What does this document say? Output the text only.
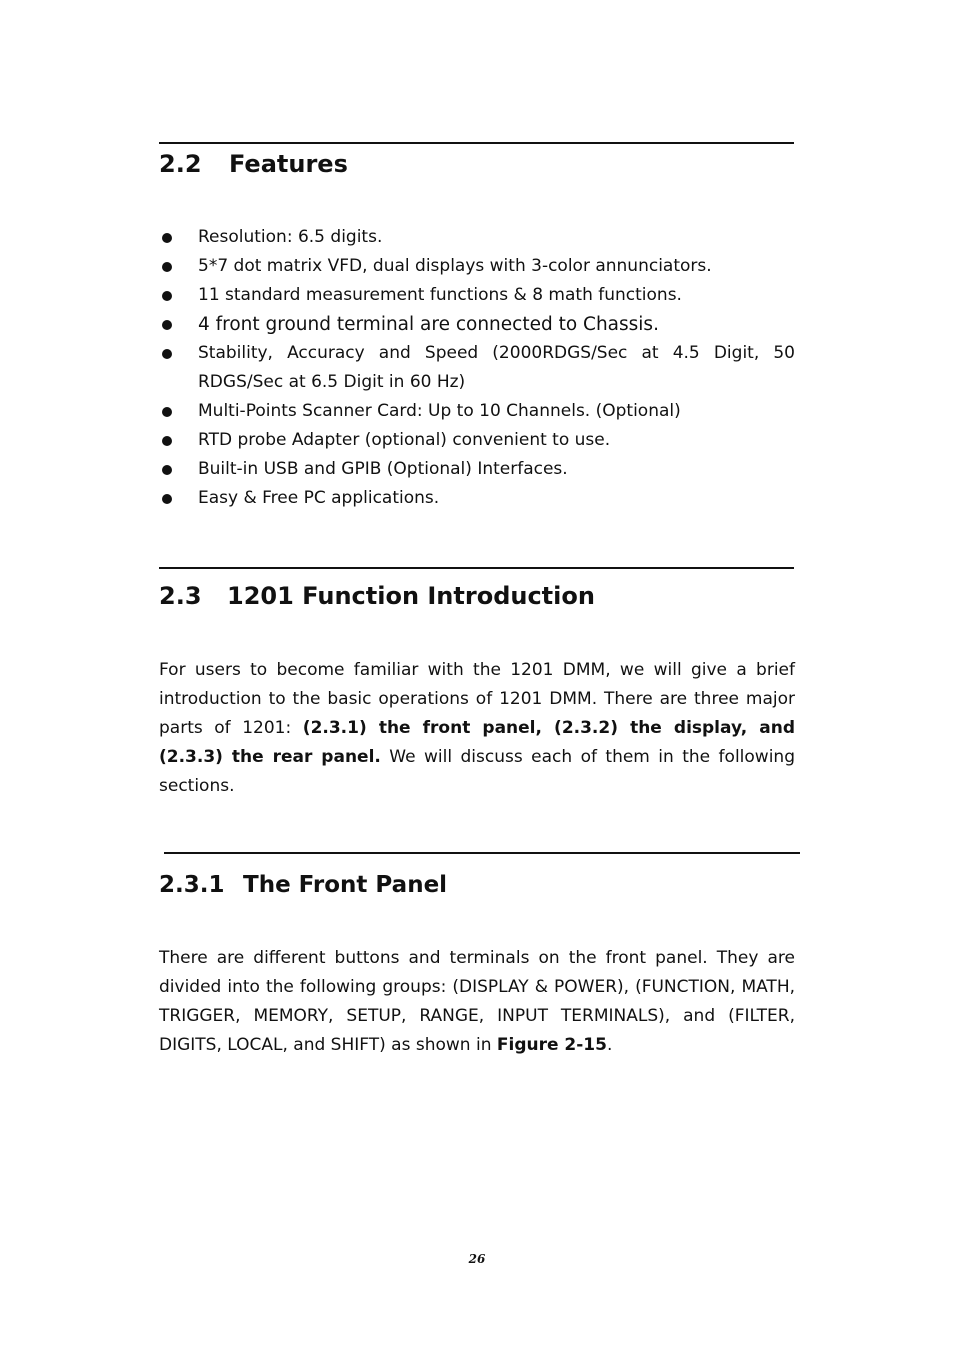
2.2 Features
Resolution: 6.5 digits.
5*7 dot matrix VFD, dual displays with 3-color annunciators.
11 standard measurement functions & 8 math functions.
4 front ground terminal are connected to Chassis.
Stability, Accuracy and Speed (2000RDGS/Sec at 4.5 Digit, 50 RDGS/Sec at 6.5 Digit in 60 Hz)
Multi-Points Scanner Card: Up to 10 Channels. (Optional)
RTD probe Adapter (optional) convenient to use.
Built-in USB and GPIB (Optional) Interfaces.
Easy & Free PC applications.
2.3 1201 Function Introduction

For users to become familiar with the 1201 DMM, we will give a brief introduction to the basic operations of 1201 DMM. There are three major parts of 1201: (2.3.1) the front panel, (2.3.2) the display, and (2.3.3) the rear panel. We will discuss each of them in the following sections.

2.3.1 The Front Panel

There are different buttons and terminals on the front panel. They are divided into the following groups: (DISPLAY & POWER), (FUNCTION, MATH, TRIGGER, MEMORY, SETUP, RANGE, INPUT TERMINALS), and (FILTER, DIGITS, LOCAL, and SHIFT) as shown in Figure 2-15.

26
